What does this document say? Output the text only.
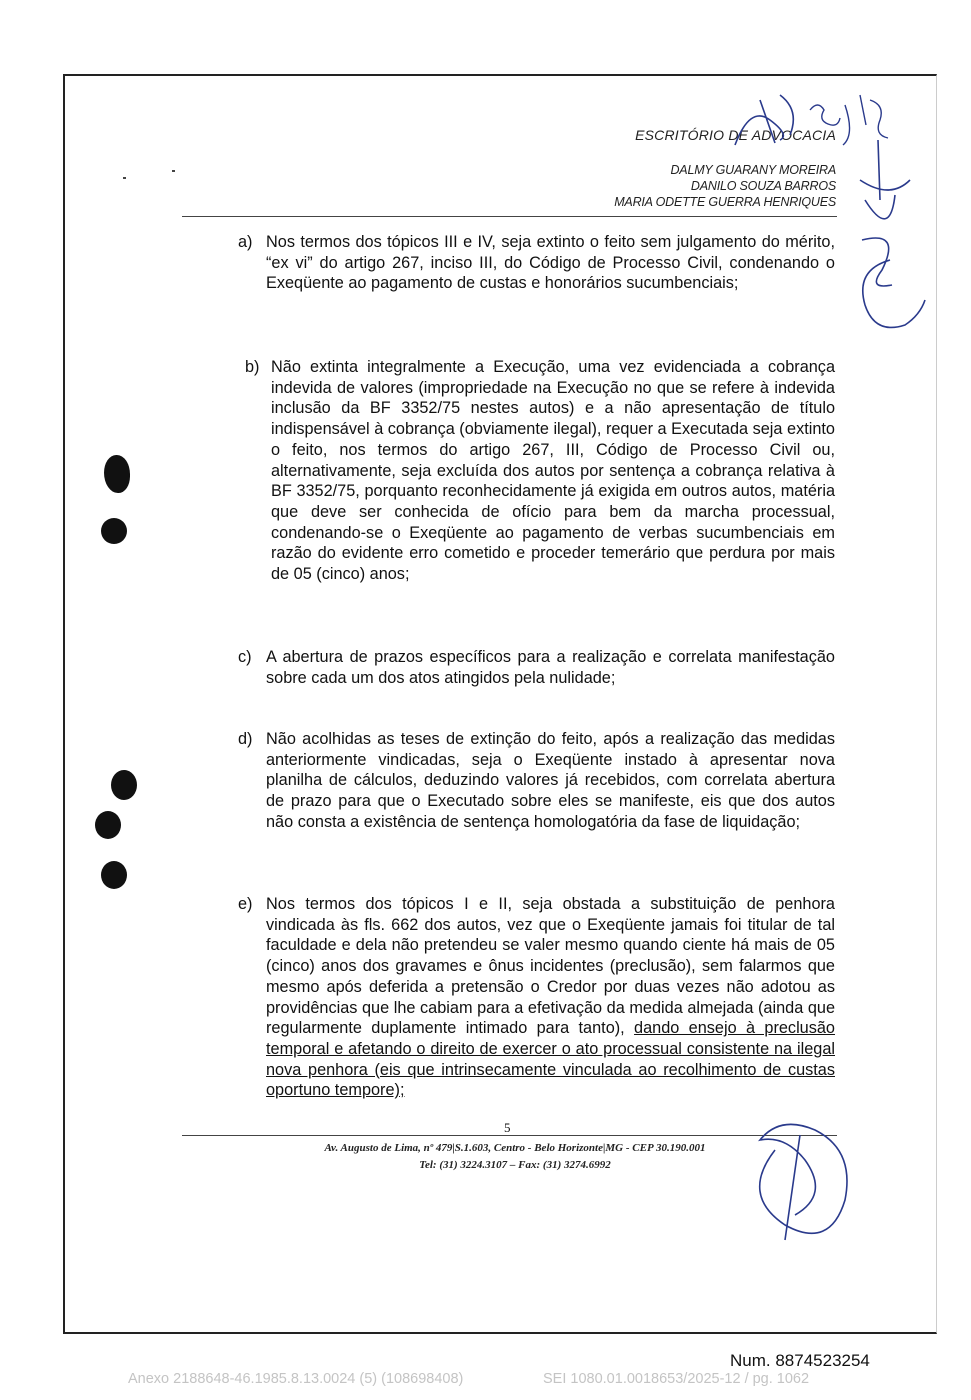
ESCRITÓRIO DE ADVOCACIA
DALMY GUARANY MOREIRA
DANILO SOUZA BARROS
MARIA ODETTE GUERRA HENRIQUES
a) Nos termos dos tópicos III e IV, seja extinto o feito sem julgamento do mérito, “ex vi” do artigo 267, inciso III, do Código de Processo Civil, condenando o Exeqüente ao pagamento de custas e honorários sucumbenciais;
b) Não extinta integralmente a Execução, uma vez evidenciada a cobrança indevida de valores (impropriedade na Execução no que se refere à indevida inclusão da BF 3352/75 nestes autos) e a não apresentação de título indispensável à cobrança (obviamente ilegal), requer a Executada seja extinto o feito, nos termos do artigo 267, III, Código de Processo Civil ou, alternativamente, seja excluída dos autos por sentença a cobrança relativa à BF 3352/75, porquanto reconhecidamente já exigida em outros autos, matéria que deve ser conhecida de ofício para bem da marcha processual, condenando-se o Exeqüente ao pagamento de verbas sucumbenciais em razão do evidente erro cometido e proceder temerário que perdura por mais de 05 (cinco) anos;
c) A abertura de prazos específicos para a realização e correlata manifestação sobre cada um dos atos atingidos pela nulidade;
d) Não acolhidas as teses de extinção do feito, após a realização das medidas anteriormente vindicadas, seja o Exeqüente instado à apresentar nova planilha de cálculos, deduzindo valores já recebidos, com correlata abertura de prazo para que o Executado sobre eles se manifeste, eis que dos autos não consta a existência de sentença homologatória da fase de liquidação;
e) Nos termos dos tópicos I e II, seja obstada a substituição de penhora vindicada às fls. 662 dos autos, vez que o Exeqüente jamais foi titular de tal faculdade e dela não pretendeu se valer mesmo quando ciente há mais de 05 (cinco) anos dos gravames e ônus incidentes (preclusão), sem falarmos que mesmo após deferida a pretensão o Credor por duas vezes não adotou as providências que lhe cabiam para a efetivação da medida almejada (ainda que regularmente duplamente intimado para tanto), dando ensejo à preclusão temporal e afetando o direito de exercer o ato processual consistente na ilegal nova penhora (eis que intrinsecamente vinculada ao recolhimento de custas oportuno tempore);
5
Av. Augusto de Lima, nº 479|S.1.603, Centro - Belo Horizonte|MG - CEP 30.190.001
Tel: (31) 3224.3107 – Fax: (31) 3274.6992
Num. 8874523254
Anexo 2188648-46.1985.8.13.0024 (5) (108698408)	SEI 1080.01.0018653/2025-12 / pg. 1062
